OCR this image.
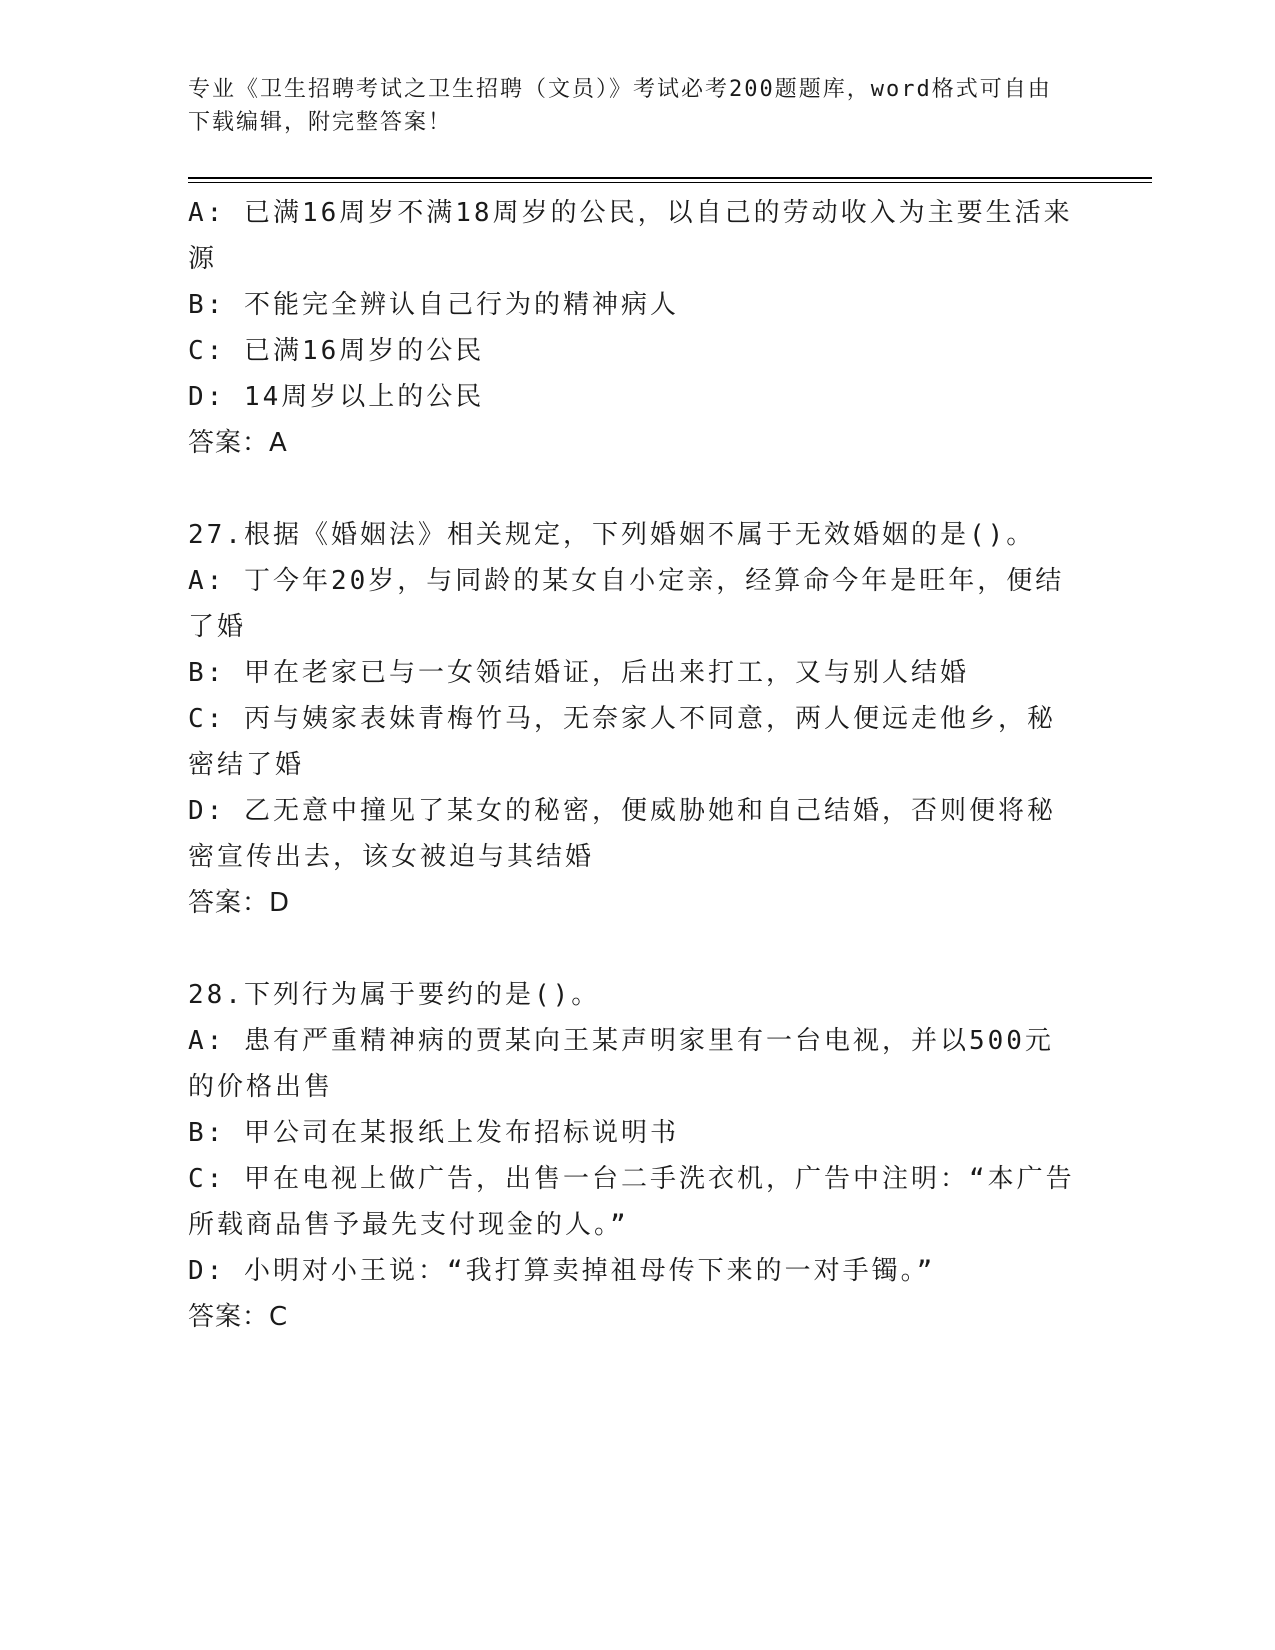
专业《卫生招聘考试之卫生招聘（文员）》考试必考200题题库，word格式可自由下载编辑，附完整答案！

A: 已满16周岁不满18周岁的公民，以自己的劳动收入为主要生活来源

B: 不能完全辨认自己行为的精神病人

C: 已满16周岁的公民

D: 14周岁以上的公民

答案：A

27.根据《婚姻法》相关规定，下列婚姻不属于无效婚姻的是()。

A: 丁今年20岁，与同龄的某女自小定亲，经算命今年是旺年，便结了婚

B: 甲在老家已与一女领结婚证，后出来打工，又与别人结婚

C: 丙与姨家表妹青梅竹马，无奈家人不同意，两人便远走他乡，秘密结了婚

D: 乙无意中撞见了某女的秘密，便威胁她和自己结婚，否则便将秘密宣传出去，该女被迫与其结婚

答案：D

28.下列行为属于要约的是()。

A: 患有严重精神病的贾某向王某声明家里有一台电视，并以500元的价格出售

B: 甲公司在某报纸上发布招标说明书

C: 甲在电视上做广告，出售一台二手洗衣机，广告中注明：“本广告所载商品售予最先支付现金的人。”

D: 小明对小王说：“我打算卖掉祖母传下来的一对手镯。”

答案：C
